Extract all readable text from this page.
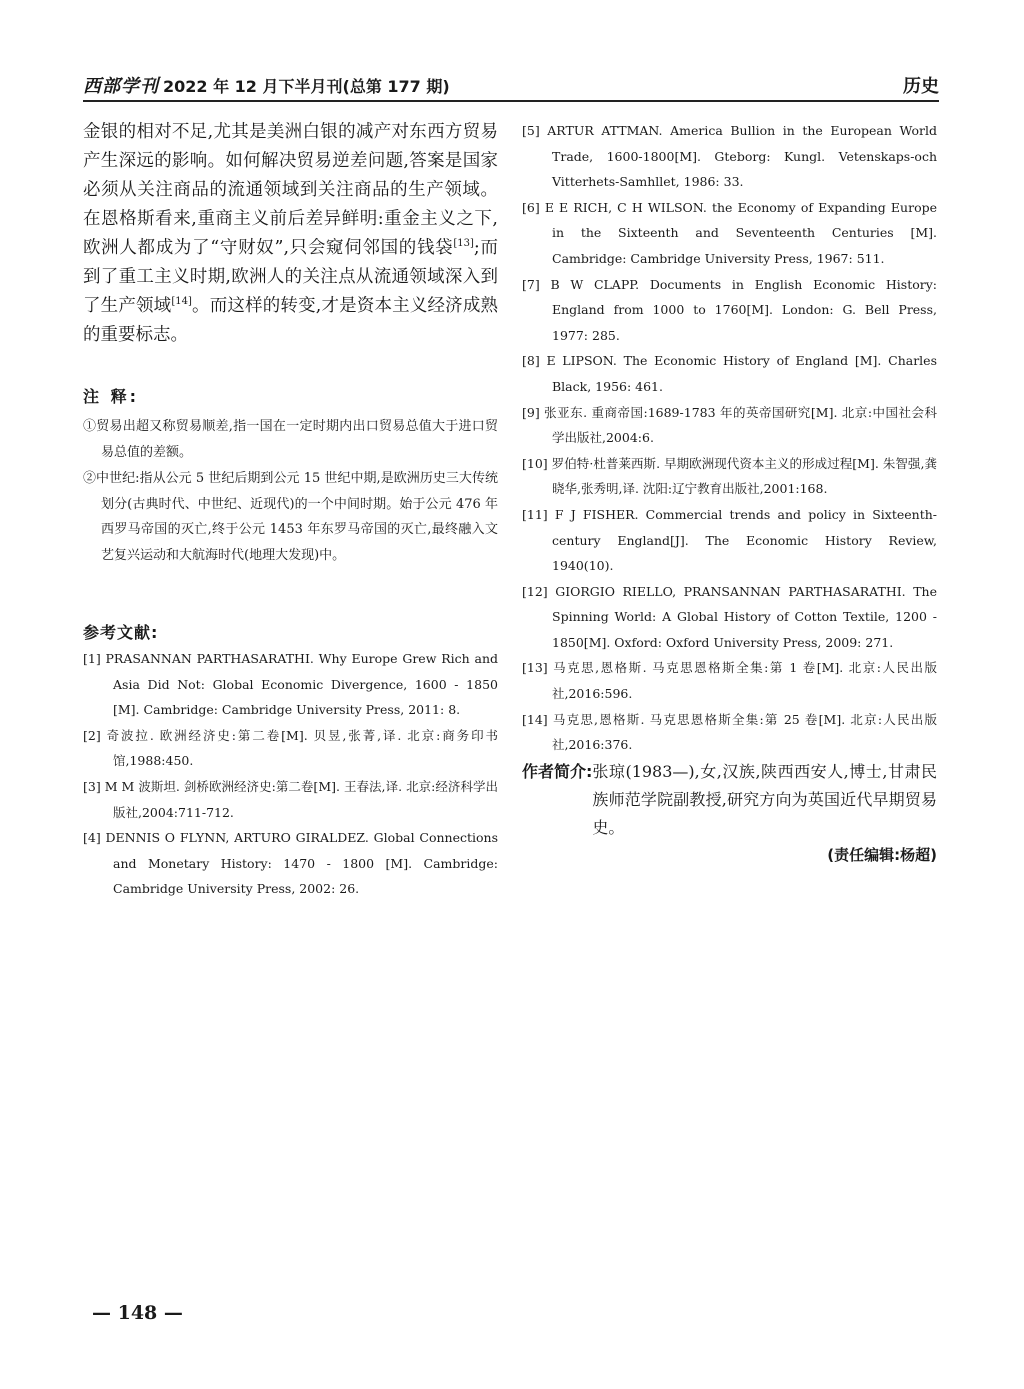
西部学刊 2022 年 12 月下半月刊(总第 177 期)	历史

金银的相对不足,尤其是美洲白银的减产对东西方贸易产生深远的影响。如何解决贸易逆差问题,答案是国家必须从关注商品的流通领域到关注商品的生产领域。在恩格斯看来,重商主义前后差异鲜明:重金主义之下,欧洲人都成为了“守财奴”,只会窥伺邻国的钱袋[13];而到了重工主义时期,欧洲人的关注点从流通领域深入到了生产领域[14]。而这样的转变,才是资本主义经济成熟的重要标志。

注 释:

①贸易出超又称贸易顺差,指一国在一定时期内出口贸易总值大于进口贸易总值的差额。

②中世纪:指从公元 5 世纪后期到公元 15 世纪中期,是欧洲历史三大传统划分(古典时代、中世纪、近现代)的一个中间时期。始于公元 476 年西罗马帝国的灭亡,终于公元 1453 年东罗马帝国的灭亡,最终融入文艺复兴运动和大航海时代(地理大发现)中。

参考文献:

[1] PRASANNAN PARTHASARATHI. Why Europe Grew Rich and Asia Did Not: Global Economic Divergence, 1600 - 1850 [M]. Cambridge: Cambridge University Press, 2011: 8.

[2] 奇波拉. 欧洲经济史:第二卷[M]. 贝昱,张菁,译. 北京:商务印书馆,1988:450.

[3] M M 波斯坦. 剑桥欧洲经济史:第二卷[M]. 王春法,译. 北京:经济科学出版社,2004:711-712.

[4] DENNIS O FLYNN, ARTURO GIRALDEZ. Global Connections and Monetary History: 1470 - 1800 [M]. Cambridge: Cambridge University Press, 2002: 26.

[5] ARTUR ATTMAN. America Bullion in the European World Trade, 1600-1800[M]. Gteborg: Kungl. Vetenskaps-och Vitterhets-Samhllet, 1986: 33.

[6] E E RICH, C H WILSON. the Economy of Expanding Europe in the Sixteenth and Seventeenth Centuries [M]. Cambridge: Cambridge University Press, 1967: 511.

[7] B W CLAPP. Documents in English Economic History: England from 1000 to 1760[M]. London: G. Bell Press, 1977: 285.

[8] E LIPSON. The Economic History of England [M]. Charles Black, 1956: 461.

[9] 张亚东. 重商帝国:1689-1783 年的英帝国研究[M]. 北京:中国社会科学出版社,2004:6.

[10] 罗伯特·杜普莱西斯. 早期欧洲现代资本主义的形成过程[M]. 朱智强,龚晓华,张秀明,译. 沈阳:辽宁教育出版社,2001:168.

[11] F J FISHER. Commercial trends and policy in Sixteenth-century England[J]. The Economic History Review, 1940(10).

[12] GIORGIO RIELLO, PRANSANNAN PARTHASARATHI. The Spinning World: A Global History of Cotton Textile, 1200 - 1850[M]. Oxford: Oxford University Press, 2009: 271.

[13] 马克思,恩格斯. 马克思恩格斯全集:第 1 卷[M]. 北京:人民出版社,2016:596.

[14] 马克思,恩格斯. 马克思恩格斯全集:第 25 卷[M]. 北京:人民出版社,2016:376.

作者简介: 张琼(1983—),女,汉族,陕西西安人,博士,甘肃民族师范学院副教授,研究方向为英国近代早期贸易史。
(责任编辑:杨超)
— 148 —
